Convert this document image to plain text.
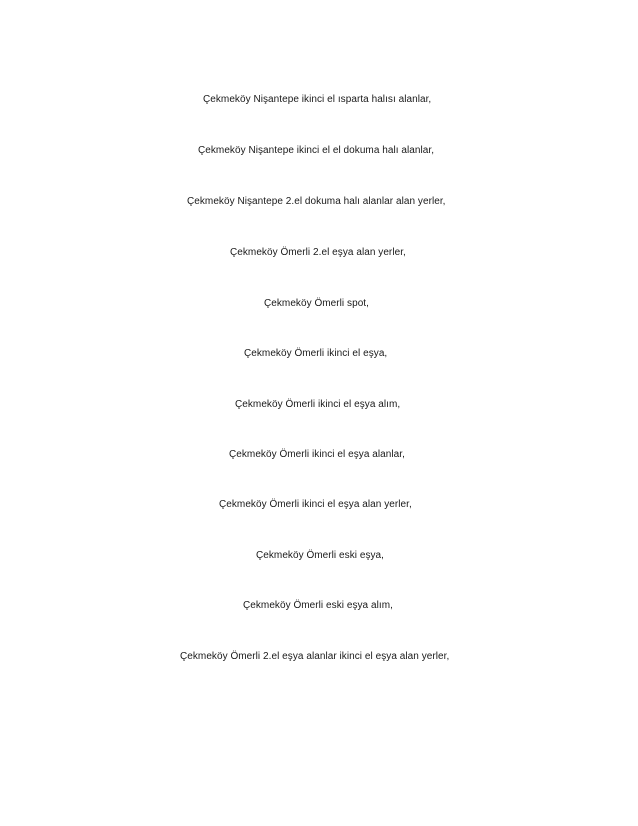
Çekmeköy Nişantepe ikinci el ısparta halısı alanlar,
Çekmeköy Nişantepe ikinci el el dokuma halı alanlar,
Çekmeköy Nişantepe 2.el dokuma halı alanlar alan yerler,
Çekmeköy Ömerli 2.el eşya alan yerler,
Çekmeköy Ömerli spot,
Çekmeköy Ömerli ikinci el eşya,
Çekmeköy Ömerli ikinci el eşya alım,
Çekmeköy Ömerli ikinci el eşya alanlar,
Çekmeköy Ömerli ikinci el eşya alan yerler,
Çekmeköy Ömerli eski eşya,
Çekmeköy Ömerli eski eşya alım,
Çekmeköy Ömerli 2.el eşya alanlar ikinci el eşya alan yerler,
